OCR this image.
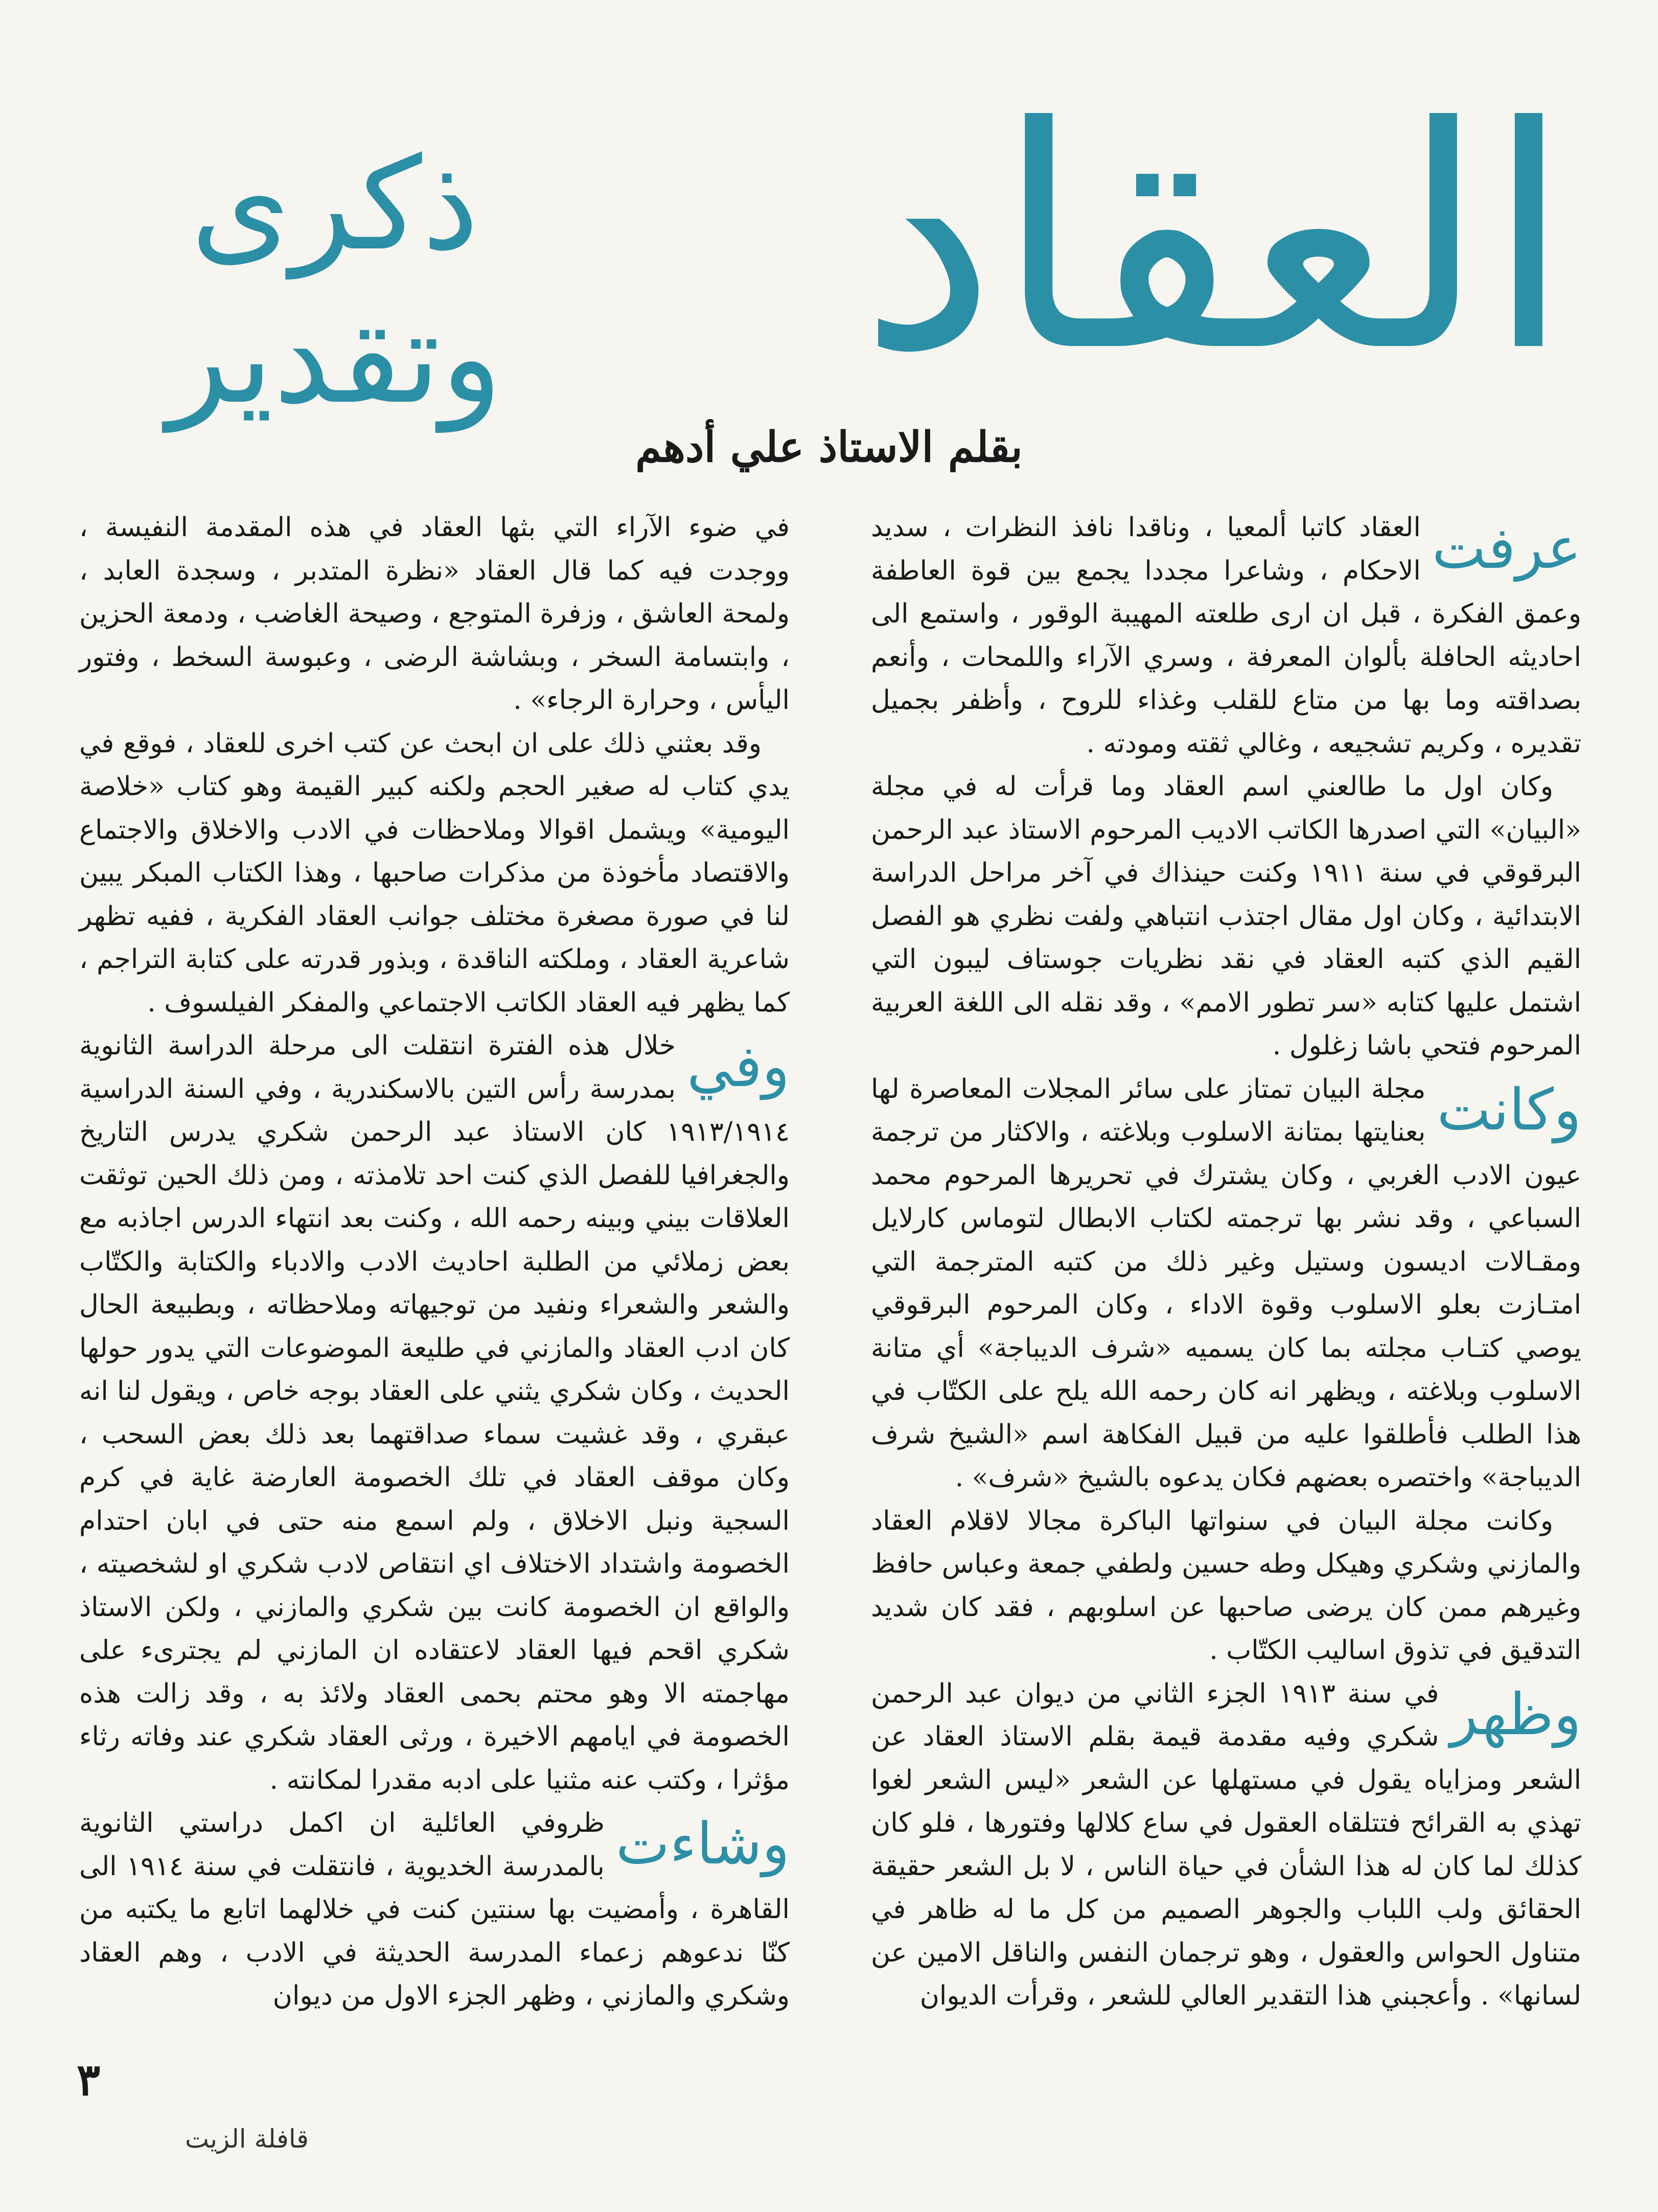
العقاد
ذكرى
وتقدير
بقلم الاستاذ علي أدهم

عرفت
العقاد كاتبا ألمعيا ، وناقدا نافذ النظرات ، سديد الاحكام ، وشاعرا مجددا يجمع بين قوة العاطفة وعمق الفكرة ، قبل ان ارى طلعته المهيبة الوقور ، واستمع الى احاديثه الحافلة بألوان المعرفة ، وسري الآراء واللمحات ، وأنعم بصداقته وما بها من متاع للقلب وغذاء للروح ، وأظفر بجميل تقديره ، وكريم تشجيعه ، وغالي ثقته ومودته .

وكان اول ما طالعني اسم العقاد وما قرأت له في مجلة «البيان» التي اصدرها الكاتب الاديب المرحوم الاستاذ عبد الرحمن البرقوقي في سنة ١٩١١ وكنت حينذاك في آخر مراحل الدراسة الابتدائية ، وكان اول مقال اجتذب انتباهي ولفت نظري هو الفصل القيم الذي كتبه العقاد في نقد نظريات جوستاف ليبون التي اشتمل عليها كتابه «سر تطور الامم» ، وقد نقله الى اللغة العربية المرحوم فتحي باشا زغلول .

وكانت
مجلة البيان تمتاز على سائر المجلات المعاصرة لها بعنايتها بمتانة الاسلوب وبلاغته ، والاكثار من ترجمة عيون الادب الغربي ، وكان يشترك في تحريرها المرحوم محمد السباعي ، وقد نشر بها ترجمته لكتاب الابطال لتوماس كارلايل ومقـالات اديسون وستيل وغير ذلك من كتبه المترجمة التي امتـازت بعلو الاسلوب وقوة الاداء ، وكان المرحوم البرقوقي يوصي كتـاب مجلته بما كان يسميه «شرف الديباجة» أي متانة الاسلوب وبلاغته ، ويظهر انه كان رحمه الله يلح على الكتّاب في هذا الطلب فأطلقوا عليه من قبيل الفكاهة اسم «الشيخ شرف الديباجة» واختصره بعضهم فكان يدعوه بالشيخ «شرف» .

وكانت مجلة البيان في سنواتها الباكرة مجالا لاقلام العقاد والمازني وشكري وهيكل وطه حسين ولطفي جمعة وعباس حافظ وغيرهم ممن كان يرضى صاحبها عن اسلوبهم ، فقد كان شديد التدقيق في تذوق اساليب الكتّاب .

وظهر
في سنة ١٩١٣ الجزء الثاني من ديوان عبد الرحمن شكري وفيه مقدمة قيمة بقلم الاستاذ العقاد عن الشعر ومزاياه يقول في مستهلها عن الشعر «ليس الشعر لغوا تهذي به القرائح فتتلقاه العقول في ساع كلالها وفتورها ، فلو كان كذلك لما كان له هذا الشأن في حياة الناس ، لا بل الشعر حقيقة الحقائق ولب اللباب والجوهر الصميم من كل ما له ظاهر في متناول الحواس والعقول ، وهو ترجمان النفس والناقل الامين عن لسانها» . وأعجبني هذا التقدير العالي للشعر ، وقرأت الديوان

في ضوء الآراء التي بثها العقاد في هذه المقدمة النفيسة ، ووجدت فيه كما قال العقاد «نظرة المتدبر ، وسجدة العابد ، ولمحة العاشق ، وزفرة المتوجع ، وصيحة الغاضب ، ودمعة الحزين ، وابتسامة السخر ، وبشاشة الرضى ، وعبوسة السخط ، وفتور اليأس ، وحرارة الرجاء» .

وقد بعثني ذلك على ان ابحث عن كتب اخرى للعقاد ، فوقع في يدي كتاب له صغير الحجم ولكنه كبير القيمة وهو كتاب «خلاصة اليومية» ويشمل اقوالا وملاحظات في الادب والاخلاق والاجتماع والاقتصاد مأخوذة من مذكرات صاحبها ، وهذا الكتاب المبكر يبين لنا في صورة مصغرة مختلف جوانب العقاد الفكرية ، ففيه تظهر شاعرية العقاد ، وملكته الناقدة ، وبذور قدرته على كتابة التراجم ، كما يظهر فيه العقاد الكاتب الاجتماعي والمفكر الفيلسوف .

وفي
خلال هذه الفترة انتقلت الى مرحلة الدراسة الثانوية بمدرسة رأس التين بالاسكندرية ، وفي السنة الدراسية ١٩١٣/١٩١٤ كان الاستاذ عبد الرحمن شكري يدرس التاريخ والجغرافيا للفصل الذي كنت احد تلامذته ، ومن ذلك الحين توثقت العلاقات بيني وبينه رحمه الله ، وكنت بعد انتهاء الدرس اجاذبه مع بعض زملائي من الطلبة احاديث الادب والادباء والكتابة والكتّاب والشعر والشعراء ونفيد من توجيهاته وملاحظاته ، وبطبيعة الحال كان ادب العقاد والمازني في طليعة الموضوعات التي يدور حولها الحديث ، وكان شكري يثني على العقاد بوجه خاص ، ويقول لنا انه عبقري ، وقد غشيت سماء صداقتهما بعد ذلك بعض السحب ، وكان موقف العقاد في تلك الخصومة العارضة غاية في كرم السجية ونبل الاخلاق ، ولم اسمع منه حتى في ابان احتدام الخصومة واشتداد الاختلاف اي انتقاص لادب شكري او لشخصيته ، والواقع ان الخصومة كانت بين شكري والمازني ، ولكن الاستاذ شكري اقحم فيها العقاد لاعتقاده ان المازني لم يجترىء على مهاجمته الا وهو محتم بحمى العقاد ولائذ به ، وقد زالت هذه الخصومة في ايامهم الاخيرة ، ورثى العقاد شكري عند وفاته رثاء مؤثرا ، وكتب عنه مثنيا على ادبه مقدرا لمكانته .

وشاءت
ظروفي العائلية ان اكمل دراستي الثانوية بالمدرسة الخديوية ، فانتقلت في سنة ١٩١٤ الى القاهرة ، وأمضيت بها سنتين كنت في خلالهما اتابع ما يكتبه من كنّا ندعوهم زعماء المدرسة الحديثة في الادب ، وهم العقاد وشكري والمازني ، وظهر الجزء الاول من ديوان

٣
قافلة الزيت
